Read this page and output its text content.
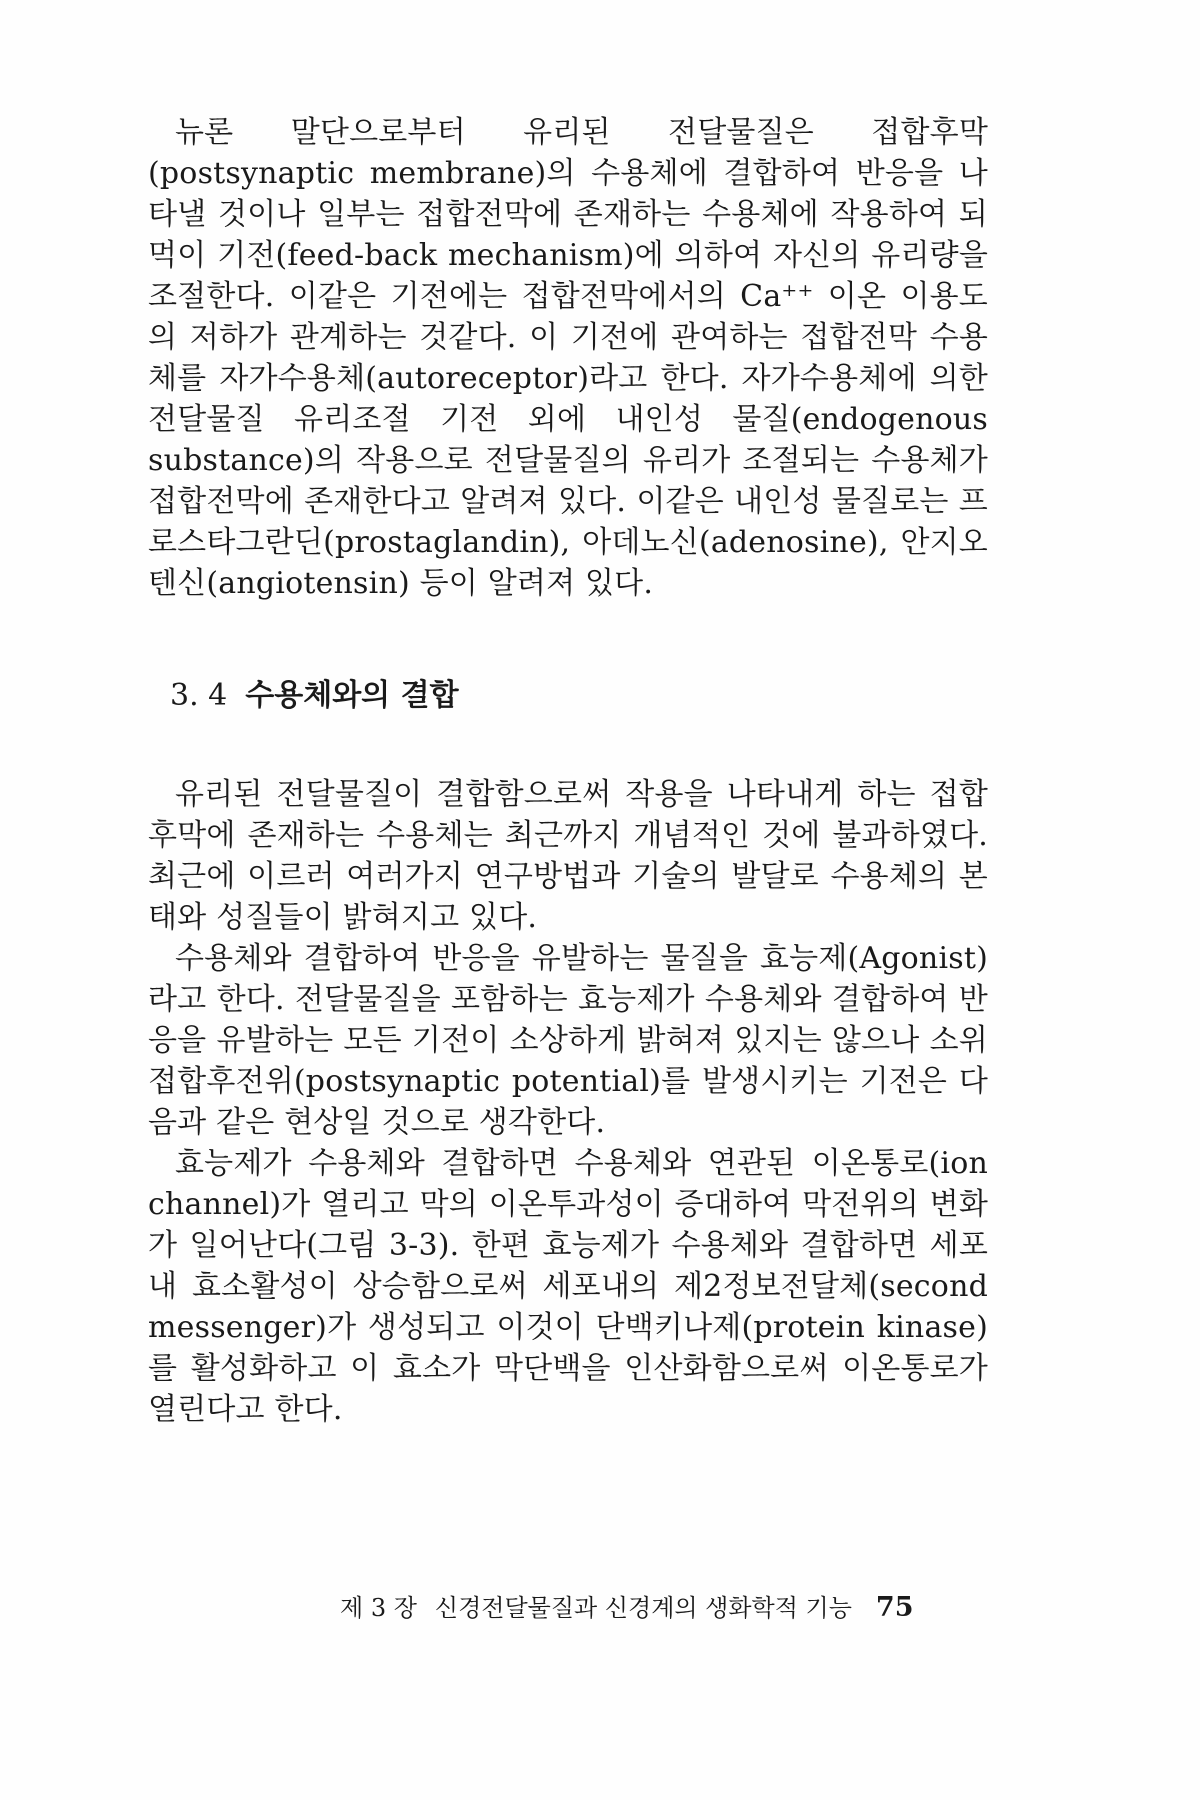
뉴론 말단으로부터 유리된 전달물질은 접합후막(postsynaptic membrane)의 수용체에 결합하여 반응을 나타낼 것이나 일부는 접합전막에 존재하는 수용체에 작용하여 되먹이 기전(feed-back mechanism)에 의하여 자신의 유리량을 조절한다. 이같은 기전에는 접합전막에서의 Ca⁺⁺ 이온 이용도의 저하가 관계하는 것같다. 이 기전에 관여하는 접합전막 수용체를 자가수용체(autoreceptor)라고 한다. 자가수용체에 의한 전달물질 유리조절 기전 외에 내인성 물질(endogenous substance)의 작용으로 전달물질의 유리가 조절되는 수용체가 접합전막에 존재한다고 알려져 있다. 이같은 내인성 물질로는 프로스타그란딘(prostaglandin), 아데노신(adenosine), 안지오텐신(angiotensin) 등이 알려져 있다.

3. 4 수용체와의 결합

유리된 전달물질이 결합함으로써 작용을 나타내게 하는 접합후막에 존재하는 수용체는 최근까지 개념적인 것에 불과하였다. 최근에 이르러 여러가지 연구방법과 기술의 발달로 수용체의 본태와 성질들이 밝혀지고 있다.

수용체와 결합하여 반응을 유발하는 물질을 효능제(Agonist)라고 한다. 전달물질을 포함하는 효능제가 수용체와 결합하여 반응을 유발하는 모든 기전이 소상하게 밝혀져 있지는 않으나 소위 접합후전위(postsynaptic potential)를 발생시키는 기전은 다음과 같은 현상일 것으로 생각한다.

효능제가 수용체와 결합하면 수용체와 연관된 이온통로(ion channel)가 열리고 막의 이온투과성이 증대하여 막전위의 변화가 일어난다(그림 3-3). 한편 효능제가 수용체와 결합하면 세포내 효소활성이 상승함으로써 세포내의 제2정보전달체(second messenger)가 생성되고 이것이 단백키나제(protein kinase)를 활성화하고 이 효소가 막단백을 인산화함으로써 이온통로가 열린다고 한다.

제 3 장 신경전달물질과 신경계의 생화학적 기능 75
